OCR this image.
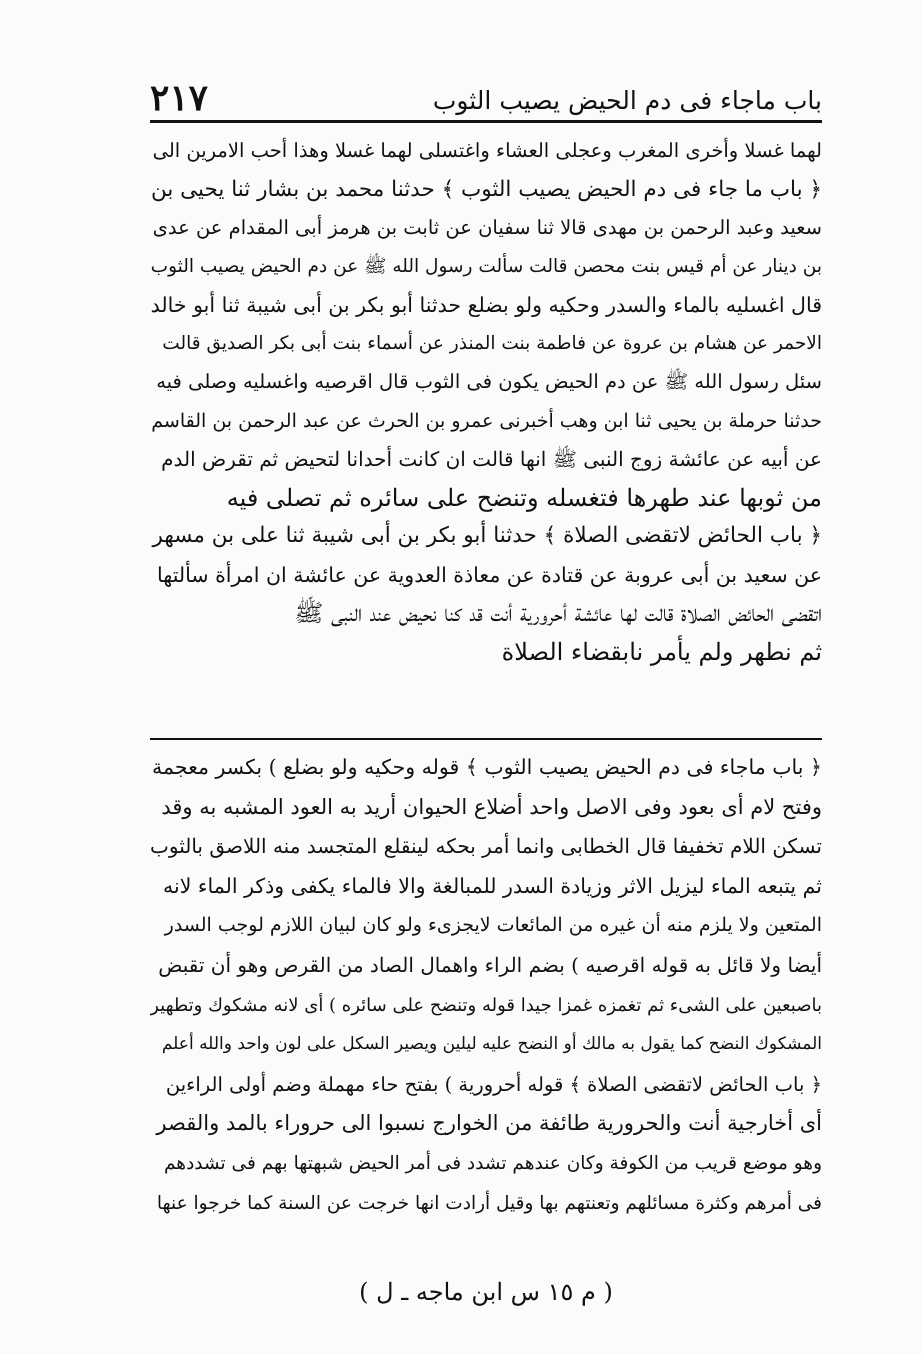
باب ماجاء فى دم الحيض يصيب الثوب
٢١٧
لهما غسلا وأخرى المغرب وعجلى العشاء واغتسلى لهما غسلا وهذا أحب الامرين الى
﴿ باب ما جاء فى دم الحيض يصيب الثوب ﴾ حدثنا محمد بن بشار ثنا يحيى بن
سعيد وعبد الرحمن بن مهدى قالا ثنا سفيان عن ثابت بن هرمز أبى المقدام عن عدى
بن دينار عن أم قيس بنت محصن قالت سألت رسول الله ﷺ عن دم الحيض يصيب الثوب
قال اغسليه بالماء والسدر وحكيه ولو بضلع حدثنا أبو بكر بن أبى شيبة ثنا أبو خالد
الاحمر عن هشام بن عروة عن فاطمة بنت المنذر عن أسماء بنت أبى بكر الصديق قالت
سئل رسول الله ﷺ عن دم الحيض يكون فى الثوب قال اقرصيه واغسليه وصلى فيه
حدثنا حرملة بن يحيى ثنا ابن وهب أخبرنى عمرو بن الحرث عن عبد الرحمن بن القاسم
عن أبيه عن عائشة زوج النبى ﷺ انها قالت ان كانت أحدانا لتحيض ثم تقرض الدم
من ثوبها عند طهرها فتغسله وتنضح على سائره ثم تصلى فيه
﴿ باب الحائض لاتقضى الصلاة ﴾ حدثنا أبو بكر بن أبى شيبة ثنا على بن مسهر
عن سعيد بن أبى عروبة عن قتادة عن معاذة العدوية عن عائشة ان امرأة سألتها
اتقضى الحائض الصلاة قالت لها عائشة أحرورية أنت قد كنا نحيض عند النبى ﷺ
ثم نطهر ولم يأمر نابقضاء الصلاة
﴿ باب ماجاء فى دم الحيض يصيب الثوب ﴾ قوله وحكيه ولو بضلع ) بكسر معجمة
وفتح لام أى بعود وفى الاصل واحد أضلاع الحيوان أريد به العود المشبه به وقد
تسكن اللام تخفيفا قال الخطابى وانما أمر بحكه لينقلع المتجسد منه اللاصق بالثوب
ثم يتبعه الماء ليزيل الاثر وزيادة السدر للمبالغة والا فالماء يكفى وذكر الماء لانه
المتعين ولا يلزم منه أن غيره من المائعات لايجزىء ولو كان لبيان اللازم لوجب السدر
أيضا ولا قائل به قوله اقرصيه ) بضم الراء واهمال الصاد من القرص وهو أن تقبض
باصبعين على الشىء ثم تغمزه غمزا جيدا قوله وتنضح على سائره ) أى لانه مشكوك وتطهير
المشكوك النضح كما يقول به مالك أو النضح عليه ليلين ويصير السكل على لون واحد والله أعلم
﴿ باب الحائض لاتقضى الصلاة ﴾ قوله أحرورية ) بفتح حاء مهملة وضم أولى الراءين
أى أخارجية أنت والحرورية طائفة من الخوارج نسبوا الى حروراء بالمد والقصر
وهو موضع قريب من الكوفة وكان عندهم تشدد فى أمر الحيض شبهتها بهم فى تشددهم
فى أمرهم وكثرة مسائلهم وتعنتهم بها وقيل أرادت انها خرجت عن السنة كما خرجوا عنها
( م ١٥ س ابن ماجه ـ ل )
